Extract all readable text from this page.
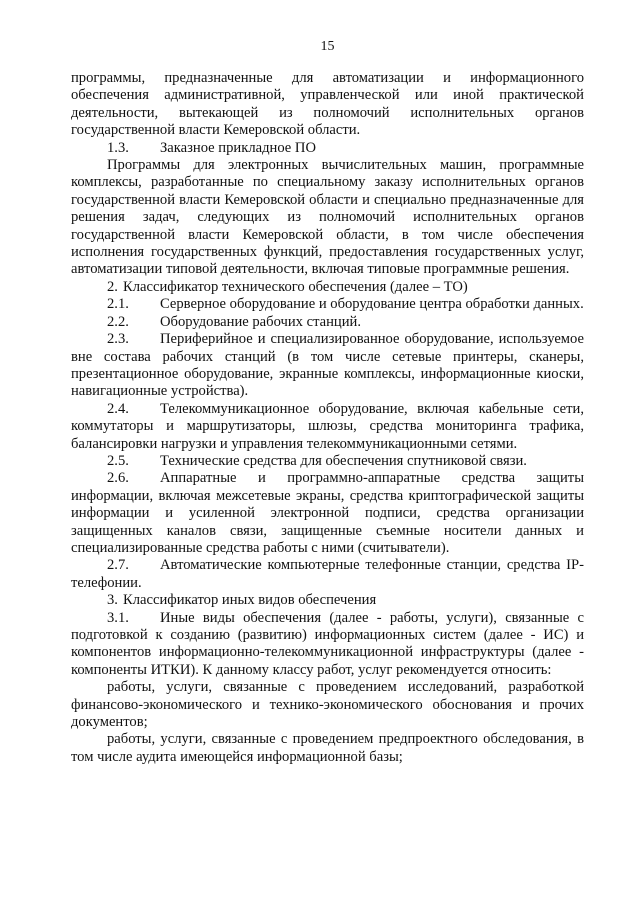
15

программы, предназначенные для автоматизации и информационного обеспечения административной, управленческой или иной практической деятельности, вытекающей из полномочий исполнительных органов государственной власти Кемеровской области.

1.3. Заказное прикладное ПО

Программы для электронных вычислительных машин, программные комплексы, разработанные по специальному заказу исполнительных органов государственной власти Кемеровской области и специально предназначенные для решения задач, следующих из полномочий исполнительных органов государственной власти Кемеровской области, в том числе обеспечения исполнения государственных функций, предоставления государственных услуг, автоматизации типовой деятельности, включая типовые программные решения.

2. Классификатор технического обеспечения (далее – ТО)

2.1. Серверное оборудование и оборудование центра обработки данных.

2.2. Оборудование рабочих станций.

2.3. Периферийное и специализированное оборудование, используемое вне состава рабочих станций (в том числе сетевые принтеры, сканеры, презентационное оборудование, экранные комплексы, информационные киоски, навигационные устройства).

2.4. Телекоммуникационное оборудование, включая кабельные сети, коммутаторы и маршрутизаторы, шлюзы, средства мониторинга трафика, балансировки нагрузки и управления телекоммуникационными сетями.

2.5. Технические средства для обеспечения спутниковой связи.

2.6. Аппаратные и программно-аппаратные средства защиты информации, включая межсетевые экраны, средства криптографической защиты информации и усиленной электронной подписи, средства организации защищенных каналов связи, защищенные съемные носители данных и специализированные средства работы с ними (считыватели).

2.7. Автоматические компьютерные телефонные станции, средства IP-телефонии.

3. Классификатор иных видов обеспечения

3.1. Иные виды обеспечения (далее - работы, услуги), связанные с подготовкой к созданию (развитию) информационных систем (далее - ИС) и компонентов информационно-телекоммуникационной инфраструктуры (далее - компоненты ИТКИ). К данному классу работ, услуг рекомендуется относить:

работы, услуги, связанные с проведением исследований, разработкой финансово-экономического и технико-экономического обоснования и прочих документов;

работы, услуги, связанные с проведением предпроектного обследования, в том числе аудита имеющейся информационной базы;
